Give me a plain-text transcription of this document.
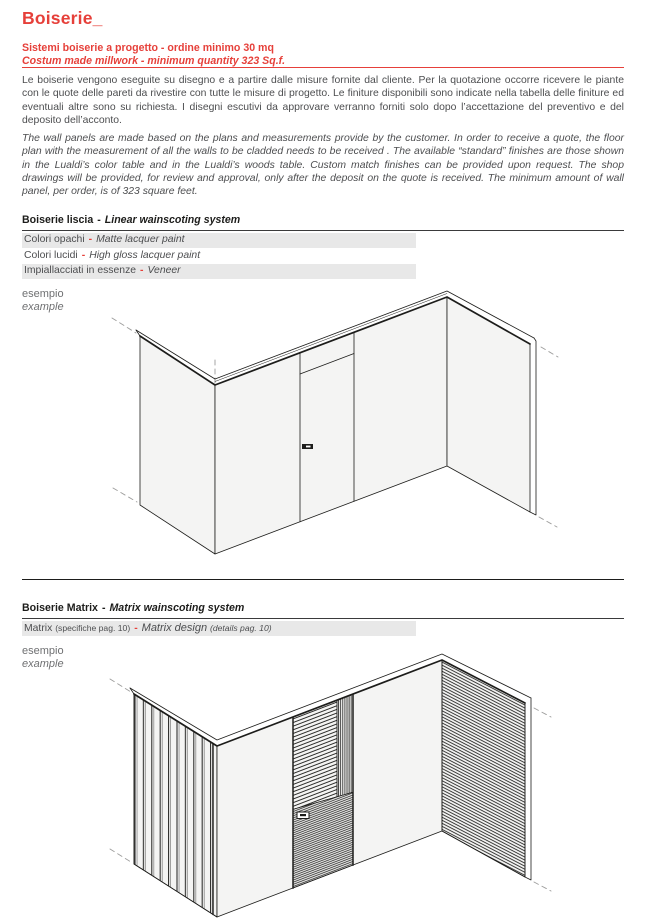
Boiserie_
Sistemi boiserie a progetto - ordine minimo 30 mq
Costum made millwork - minimum quantity 323 Sq.f.

Le boiserie vengono eseguite su disegno e a partire dalle misure fornite dal cliente. Per la quotazione occorre ricevere le piante con le quote delle pareti da rivestire con tutte le misure di progetto. Le finiture disponibili sono indicate nella tabella delle finiture ed eventuali altre sono su richiesta. I disegni escutivi da approvare verranno forniti solo dopo l’accettazione del preventivo e del deposito dell’acconto.

The wall panels are made based on the plans and measurements provide by the customer. In order to receive a quote, the floor plan with the measurement of all the walls to be cladded needs to be received . The available “standard” finishes are those shown in the Lualdi’s color table and in the Lualdi’s woods table. Custom match finishes can be provided upon request. The shop drawings will be provided, for review and approval, only after the deposit on the quote is received. The minimum amount of wall panel, per order, is of 323 square feet.

Boiserie liscia - Linear wainscoting system
Colori opachi - Matte lacquer paint
Colori lucidi - High gloss lacquer paint
Impiallacciati in essenze - Veneer
esempio
example
Boiserie Matrix - Matrix wainscoting system
Matrix (specifiche pag. 10) - Matrix design (details pag. 10)
esempio
example
